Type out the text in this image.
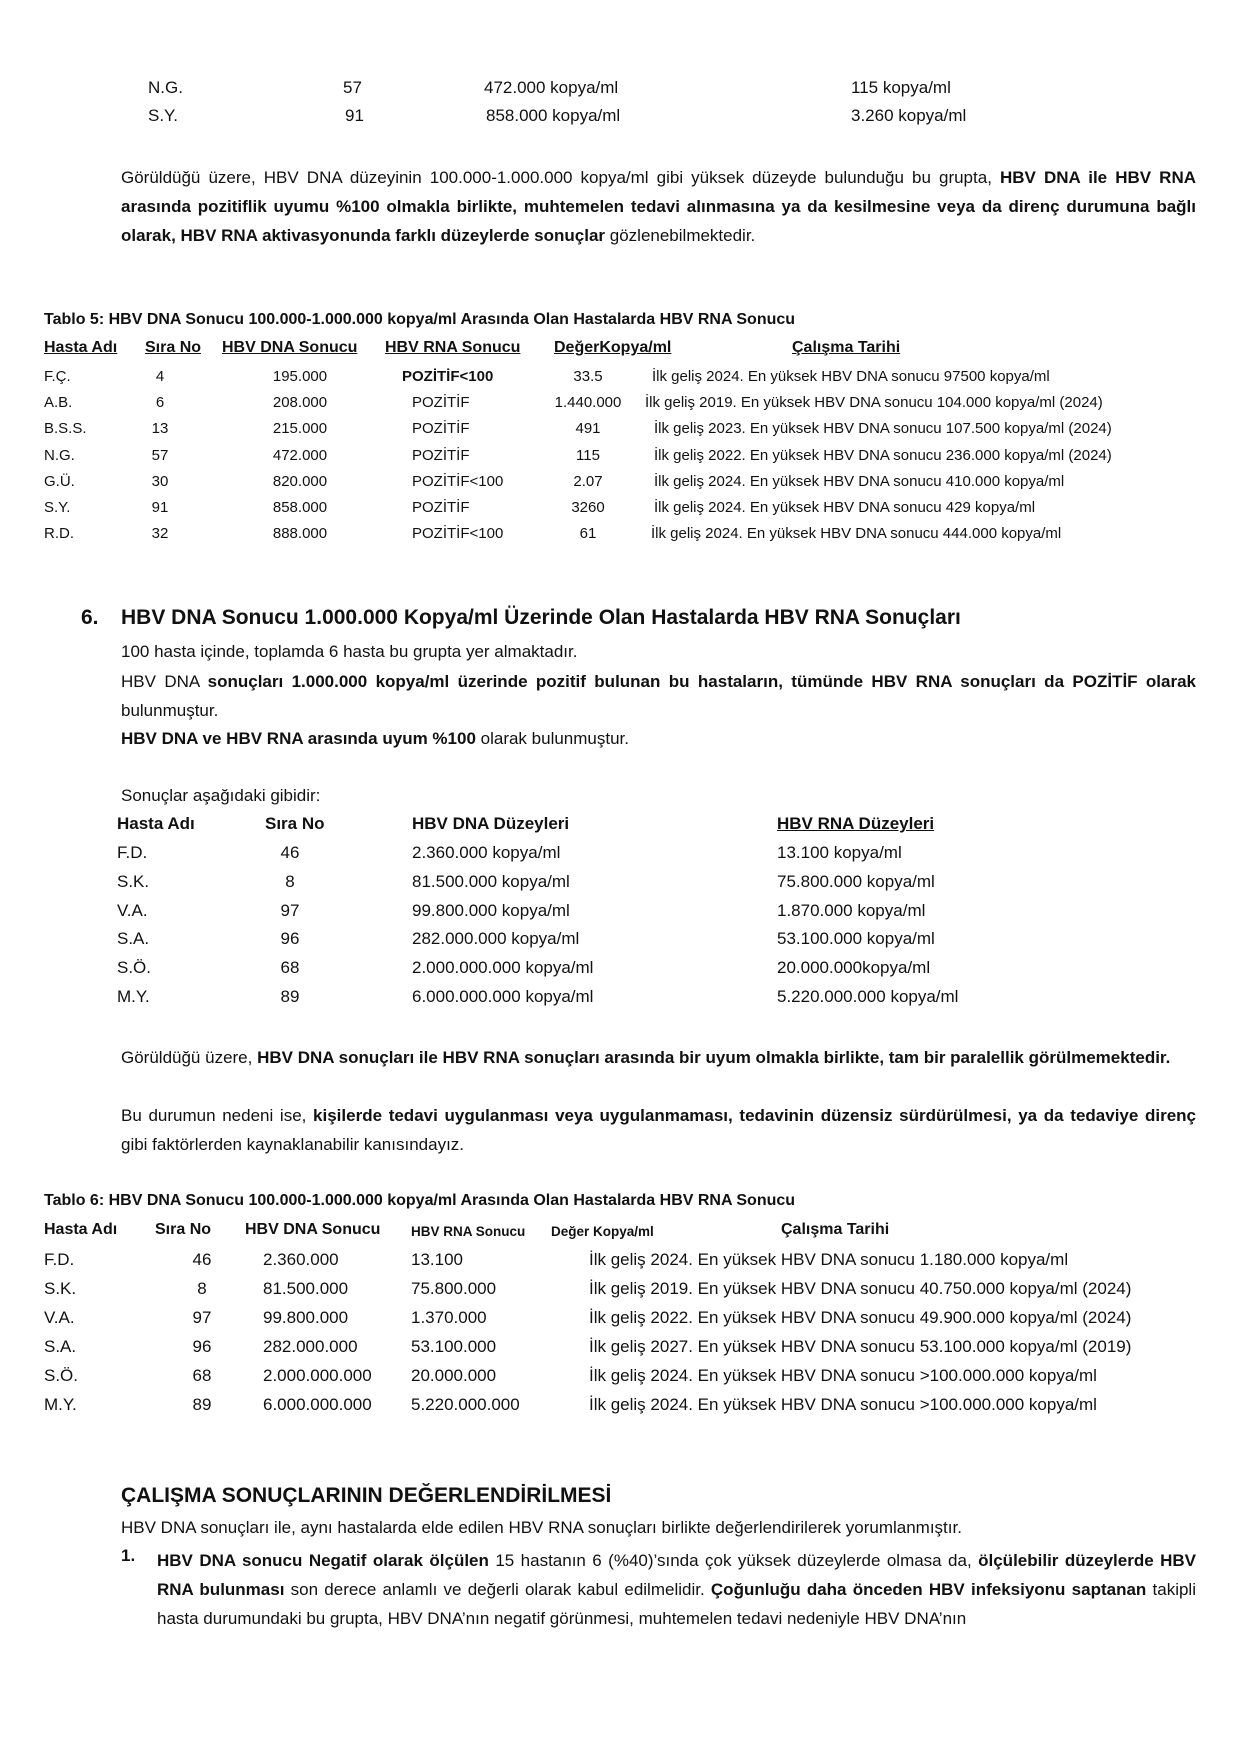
N.G.	57	472.000 kopya/ml	115 kopya/ml
S.Y.	91	858.000 kopya/ml	3.260 kopya/ml
Görüldüğü üzere, HBV DNA düzeyinin 100.000-1.000.000 kopya/ml gibi yüksek düzeyde bulunduğu bu grupta, HBV DNA ile HBV RNA arasında pozitiflik uyumu %100 olmakla birlikte, muhtemelen tedavi alınmasına ya da kesilmesine veya da direnç durumuna bağlı olarak, HBV RNA aktivasyonunda farklı düzeylerde sonuçlar gözlenebilmektedir.
Tablo 5: HBV DNA Sonucu 100.000-1.000.000 kopya/ml Arasında Olan Hastalarda HBV RNA Sonucu
Hasta Adı Sıra No HBV DNA Sonucu HBV RNA Sonucu DeğerKopya/ml	Çalışma Tarihi
F.Ç.	4	195.000	POZİTİF<100	33.5	İlk geliş 2024. En yüksek HBV DNA sonucu 97500 kopya/ml
A.B.	6	208.000	POZİTİF	1.440.000	İlk geliş 2019. En yüksek HBV DNA sonucu 104.000 kopya/ml (2024)
B.S.S.	13	215.000	POZİTİF	491	İlk geliş 2023. En yüksek HBV DNA sonucu 107.500 kopya/ml (2024)
N.G.	57	472.000	POZİTİF	115	İlk geliş 2022. En yüksek HBV DNA sonucu 236.000 kopya/ml (2024)
G.Ü.	30	820.000	POZİTİF<100	2.07	İlk geliş 2024. En yüksek HBV DNA sonucu 410.000 kopya/ml
S.Y.	91	858.000	POZİTİF	3260	İlk geliş 2024. En yüksek HBV DNA sonucu 429 kopya/ml
R.D.	32	888.000	POZİTİF<100	61	İlk geliş 2024. En yüksek HBV DNA sonucu 444.000 kopya/ml
6. HBV DNA Sonucu 1.000.000 Kopya/ml Üzerinde Olan Hastalarda HBV RNA Sonuçları
100 hasta içinde, toplamda 6 hasta bu grupta yer almaktadır.
HBV DNA sonuçları 1.000.000 kopya/ml üzerinde pozitif bulunan bu hastaların, tümünde HBV RNA sonuçları da POZİTİF olarak bulunmuştur.
HBV DNA ve HBV RNA arasında uyum %100 olarak bulunmuştur.
Sonuçlar aşağıdaki gibidir:
Hasta Adı	Sıra No	HBV DNA Düzeyleri	HBV RNA Düzeyleri
F.D.	46	2.360.000 kopya/ml	13.100 kopya/ml
S.K.	8	81.500.000 kopya/ml	75.800.000 kopya/ml
V.A.	97	99.800.000 kopya/ml	1.870.000 kopya/ml
S.A.	96	282.000.000 kopya/ml	53.100.000 kopya/ml
S.Ö.	68	2.000.000.000 kopya/ml	20.000.000kopya/ml
M.Y.	89	6.000.000.000 kopya/ml	5.220.000.000 kopya/ml
Görüldüğü üzere, HBV DNA sonuçları ile HBV RNA sonuçları arasında bir uyum olmakla birlikte, tam bir paralellik görülmemektedir.
Bu durumun nedeni ise, kişilerde tedavi uygulanması veya uygulanmaması, tedavinin düzensiz sürdürülmesi, ya da tedaviye direnç gibi faktörlerden kaynaklanabilir kanısındayız.
Tablo 6: HBV DNA Sonucu 100.000-1.000.000 kopya/ml Arasında Olan Hastalarda HBV RNA Sonucu
Hasta Adı Sıra No HBV DNA Sonucu HBV RNA Sonucu Değer Kopya/ml	Çalışma Tarihi
F.D.	46	2.360.000	13.100	İlk geliş 2024. En yüksek HBV DNA sonucu 1.180.000 kopya/ml
S.K.	8	81.500.000	75.800.000	İlk geliş 2019. En yüksek HBV DNA sonucu 40.750.000 kopya/ml (2024)
V.A.	97	99.800.000	1.370.000	İlk geliş 2022. En yüksek HBV DNA sonucu 49.900.000 kopya/ml (2024)
S.A.	96	282.000.000	53.100.000	İlk geliş 2027. En yüksek HBV DNA sonucu 53.100.000 kopya/ml (2019)
S.Ö.	68	2.000.000.000 20.000.000	İlk geliş 2024. En yüksek HBV DNA sonucu >100.000.000 kopya/ml
M.Y.	89	6.000.000.000 5.220.000.000	İlk geliş 2024. En yüksek HBV DNA sonucu >100.000.000 kopya/ml
ÇALIŞMA SONUÇLARININ DEĞERLENDİRİLMESİ
HBV DNA sonuçları ile, aynı hastalarda elde edilen HBV RNA sonuçları birlikte değerlendirilerek yorumlanmıştır.
1. HBV DNA sonucu Negatif olarak ölçülen 15 hastanın 6 (%40)’sında çok yüksek düzeylerde olmasa da, ölçülebilir düzeylerde HBV RNA bulunması son derece anlamlı ve değerli olarak kabul edilmelidir. Çoğunluğu daha önceden HBV infeksiyonu saptanan takipli hasta durumundaki bu grupta, HBV DNA’nın negatif görünmesi, muhtemelen tedavi nedeniyle HBV DNA’nın
